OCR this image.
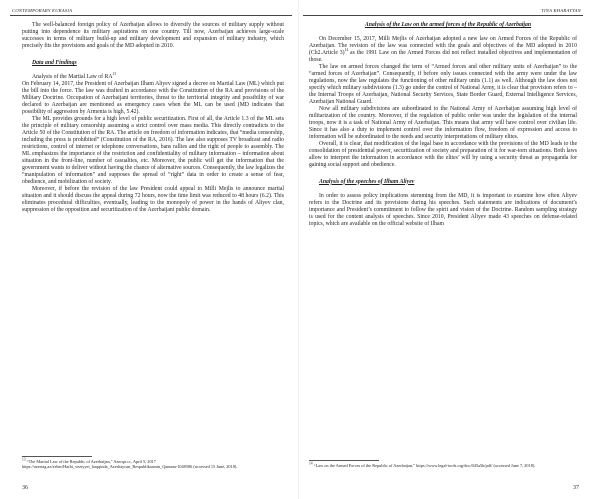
CONTEMPORARY EURASIA

The well-balanced foreign policy of Azerbaijan allows to diversify the sources of military supply without putting into dependence its military aspirations on one country. Till now, Azerbaijan achieves large-scale successes in terms of military build-up and military development and expansion of military industry, which precisely fits the provisions and goals of the MD adopted in 2010.

Data and Findings

Analysis of the Martial Law of RA$^{13}$

On February 14, 2017, the President of Azerbaijan Ilham Aliyev signed a decree on Martial Law (ML) which put the bill into the force. The law was drafted in accordance with the Constitution of the RA and provisions of the Military Doctrine. Occupation of Azerbaijani territories, threat to the territorial integrity and possibility of war declared to Azerbaijan are mentioned as emergency cases when the ML can be used (MD indicates that possibility of aggression by Armenia is high, 5.42).

The ML provides grounds for a high level of public securitization. First of all, the Article 1.3 of the ML sets the principle of military censorship assuming a strict control over mass media. This directly contradicts to the Article 50 of the Constitution of the RA. The article on freedom of information indicates, that “media censorship, including the press is prohibited” (Constitution of the RA, 2016). The law also supposes TV broadcast and radio restrictions, control of internet or telephone conversations, bans rallies and the right of people to assembly. The ML emphasizes the importance of the restriction and confidentiality of military information – information about situation in the front-line, number of casualties, etc. Moreover, the public will get the information that the government wants to deliver without having the chance of alternative sources. Consequently, the law legalizes the “manipulation of information” and supposes the spread of “right” data in order to create a sense of fear, obedience, and mobilization of society.

Moreover, if before the revision of the law President could appeal to Milli Mejlis to announce martial situation and it should discuss the appeal during 72 hours, now the time limit was reduced to 48 hours (6.2). This eliminates procedural difficulties, eventually, leading to the monopoly of power in the hands of Aliyev clan, suppression of the opposition and securitization of the Azerbaijani public domain.

$^{13}$ “The Martial Law of the Republic of Azerbaijan,” Azerqu.cc, April 5, 2017 https://azertag.az/xeber/Harbi_veziyyet_haqqinda_Azerbaycan_Respublikasinin_Qanunu-1048586 (accessed 15 June, 2018).
36
TINA KHARATYAN

Analysis of the Law on the armed forces of the Republic of Azerbaijan

On December 15, 2017, Milli Mejlis of Azerbaijan adopted a new law on Armed Forces of the Republic of Azerbaijan. The revision of the law was connected with the goals and objectives of the MD adopted in 2010 (Ch2.Article 3)$^{14}$ as the 1991 Law on the Armed Forces did not reflect installed objectives and implementation of those.

The law on armed forces changed the term of “Armed forces and other military units of Azerbaijan” to the “armed forces of Azerbaijan”. Consequently, if before only issues connected with the army were under the law regulations, now the law regulates the functioning of other military units (1.1) as well. Although the law does not specify which military subdivisions (1.3) go under the control of National Army, it is clear that provision refers to – the Internal Troops of Azerbaijan, National Security Services, State Border Guard, External Intelligence Services, Azerbaijan National Guard.

Now all military subdivisions are subordinated to the National Army of Azerbaijan assuming high level of militarization of the country. Moreover, if the regulation of public order was under the legislation of the internal troops, now it is a task of National Army of Azerbaijan. This means that army will have control over civilian life. Since it has also a duty to implement control over the information flow, freedom of expression and access to information will be subordinated to the needs and security interpretations of military elites.

Overall, it is clear, that modification of the legal base in accordance with the provisions of the MD leads to the consolidation of presidential power, securitization of society and preparation of it for war-torn situations. Both laws allow to interpret the information in accordance with the elites’ will by using a security threat as propaganda for gaining social support and obedience.

Analysis of the speeches of Ilham Aliyev

In order to assess policy implications stemming from the MD, it is important to examine how often Aliyev refers to the Doctrine and its provisions during his speeches. Such statements are indications of document’s importance and President’s commitment to follow the spirit and vision of the Doctrine. Random sampling strategy is used for the content analysis of speeches. Since 2010, President Aliyev made 43 speeches on defense-related topics, which are available on the official website of Ilham

$^{14}$ “Law on the Armed Forces of the Republic of Azerbaijan,” https://www.legal-tools.org/doc/045a5b/pdf/ (accessed June 7, 2018).
37
